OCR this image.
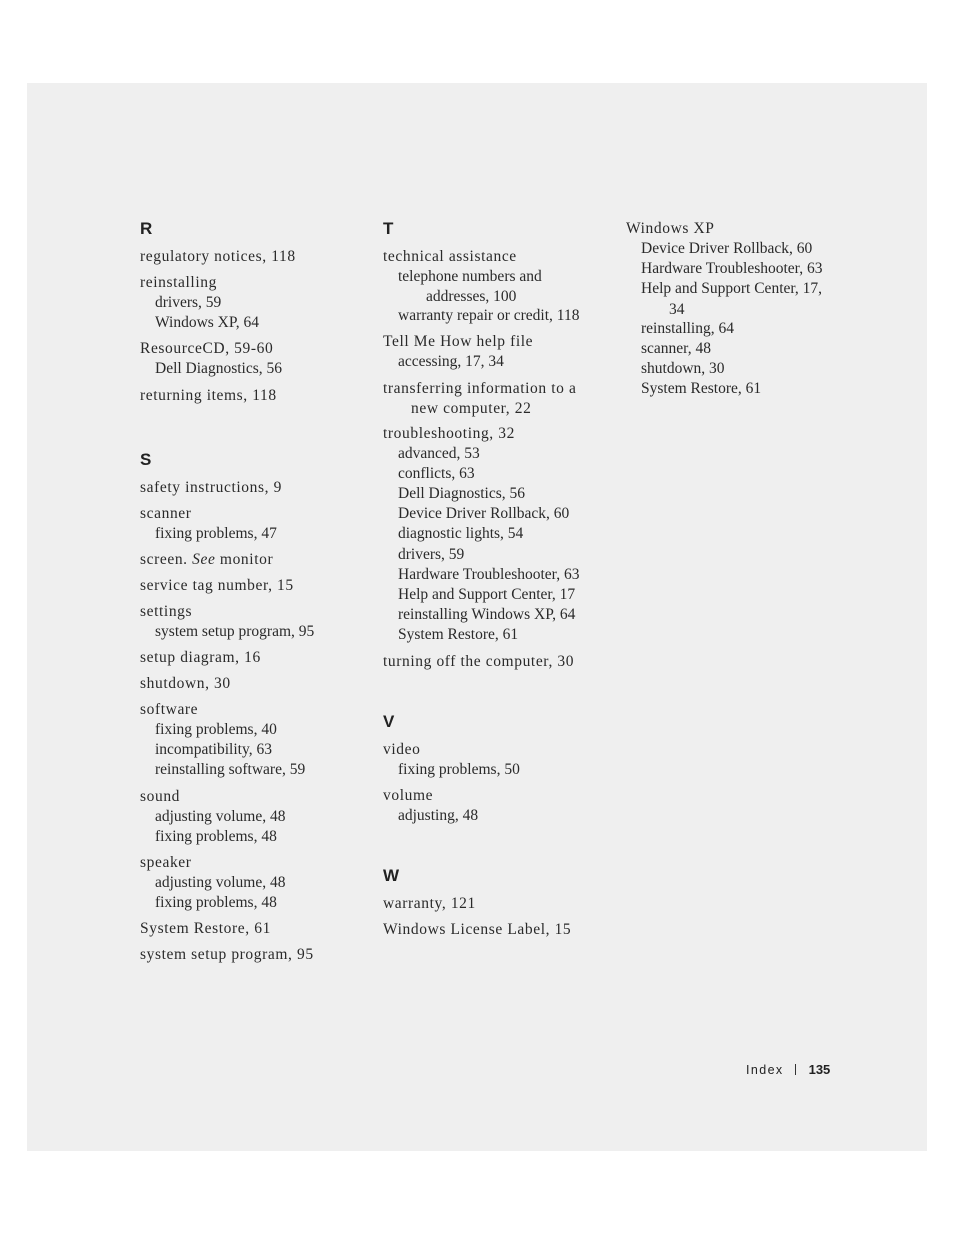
R
regulatory notices, 118
reinstalling
drivers, 59
Windows XP, 64
ResourceCD, 59-60
Dell Diagnostics, 56
returning items, 118
S
safety instructions, 9
scanner
fixing problems, 47
screen. See monitor
service tag number, 15
settings
system setup program, 95
setup diagram, 16
shutdown, 30
software
fixing problems, 40
incompatibility, 63
reinstalling software, 59
sound
adjusting volume, 48
fixing problems, 48
speaker
adjusting volume, 48
fixing problems, 48
System Restore, 61
system setup program, 95
T
technical assistance
telephone numbers and
addresses, 100
warranty repair or credit, 118
Tell Me How help file
accessing, 17, 34
transferring information to a
new computer, 22
troubleshooting, 32
advanced, 53
conflicts, 63
Dell Diagnostics, 56
Device Driver Rollback, 60
diagnostic lights, 54
drivers, 59
Hardware Troubleshooter, 63
Help and Support Center, 17
reinstalling Windows XP, 64
System Restore, 61
turning off the computer, 30
V
video
fixing problems, 50
volume
adjusting, 48
W
warranty, 121
Windows License Label, 15
Windows XP
Device Driver Rollback, 60
Hardware Troubleshooter, 63
Help and Support Center, 17,
34
reinstalling, 64
scanner, 48
shutdown, 30
System Restore, 61
Index 135
